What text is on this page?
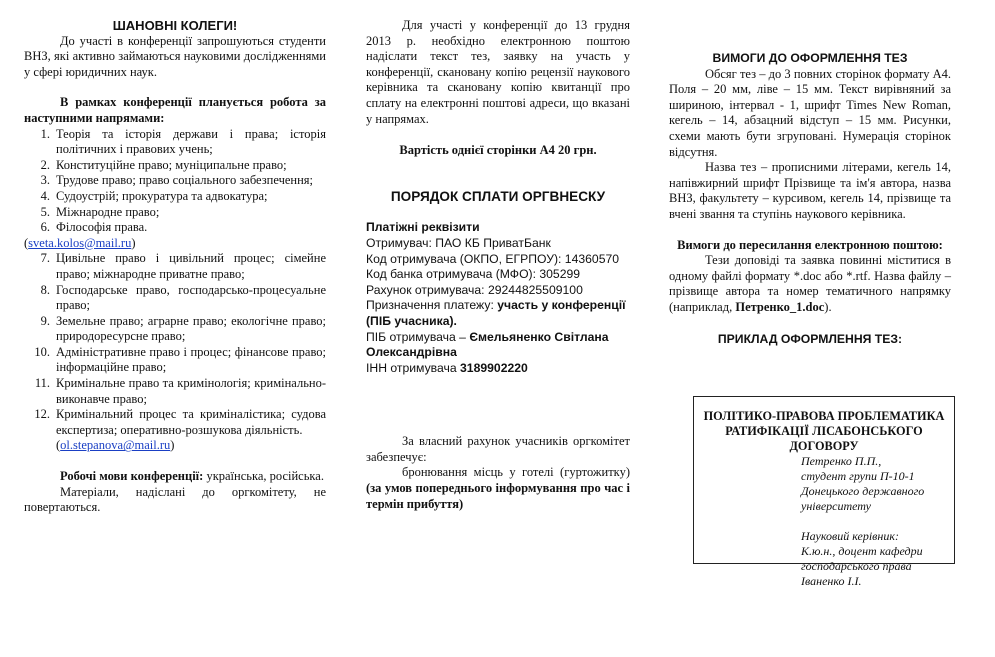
ШАНОВНІ КОЛЕГИ!

До участі в конференції запрошуються студенти ВНЗ, які активно займаються науковими дослідженнями у сфері юридичних наук.

В рамках конференції планується робота за наступними напрямами:

1. Теорія та історія держави і права; історія політичних і правових учень;
2. Конституційне право; муніципальне право;
3. Трудове право; право соціального забезпечення;
4. Судоустрій; прокуратура та адвокатура;
5. Міжнародне право;
6. Філософія права.

(sveta.kolos@mail.ru)

7. Цивільне право і цивільний процес; сімейне право; міжнародне приватне право;
8. Господарське право, господарсько-процесуальне право;
9. Земельне право; аграрне право; екологічне право; природоресурсне право;
10. Адміністративне право і процес; фінансове право; інформаційне право;
11. Кримінальне право та кримінологія; кримінально-виконавче право;
12. Кримінальний процес та криміналістика; судова експертиза; оперативно-розшукова діяльність.

(ol.stepanova@mail.ru)

Робочі мови конференції: українська, російська.

Матеріали, надіслані до оргкомітету, не повертаються.

Для участі у конференції до 13 грудня 2013 р. необхідно електронною поштою надіслати текст тез, заявку на участь у конференції, скановану копію рецензії наукового керівника та скановану копію квитанції про сплату на електронні поштові адреси, що вказані у напрямах.

Вартість однієї сторінки А4 20 грн.

ПОРЯДОК СПЛАТИ ОРГВНЕСКУ

Платіжні реквізити

Отримувач: ПАО КБ ПриватБанк

Код отримувача (ОКПО, ЕГРПОУ): 14360570

Код банка отримувача (МФО): 305299

Рахунок отримувача: 29244825509100

Призначення платежу: участь у конференції (ПІБ учасника).

ПІБ отримувача – Ємельяненко Світлана Олександрівна

ІНН отримувача 3189902220

За власний рахунок учасників оргкомітет забезпечує:

бронювання місць у готелі (гуртожитку) (за умов попереднього інформування про час і термін прибуття)

ВИМОГИ ДО ОФОРМЛЕННЯ ТЕЗ

Обсяг тез – до 3 повних сторінок формату А4. Поля – 20 мм, ліве – 15 мм. Текст вирівняний за шириною, інтервал - 1, шрифт Times New Roman, кегель – 14, абзацний відступ – 15 мм. Рисунки, схеми мають бути згруповані. Нумерація сторінок відсутня.

Назва тез – прописними літерами, кегель 14, напівжирний шрифт Прізвище та ім'я автора, назва ВНЗ, факультету – курсивом, кегель 14, прізвище та вчені звання та ступінь наукового керівника.

Вимоги до пересилання електронною поштою:

Тези доповіді та заявка повинні міститися в одному файлі формату *.doc або *.rtf. Назва файлу – прізвище автора та номер тематичного напрямку (наприклад, Петренко_1.doc).

ПРИКЛАД ОФОРМЛЕННЯ ТЕЗ:

ПОЛІТИКО-ПРАВОВА ПРОБЛЕМАТИКА РАТИФІКАЦІЇ ЛІСАБОНСЬКОГО ДОГОВОРУ

Петренко П.П.,
студент групи П-10-1
Донецького державного
університету
Науковий керівник:
К.ю.н., доцент кафедри
господарського права
Іваненко І.І.
